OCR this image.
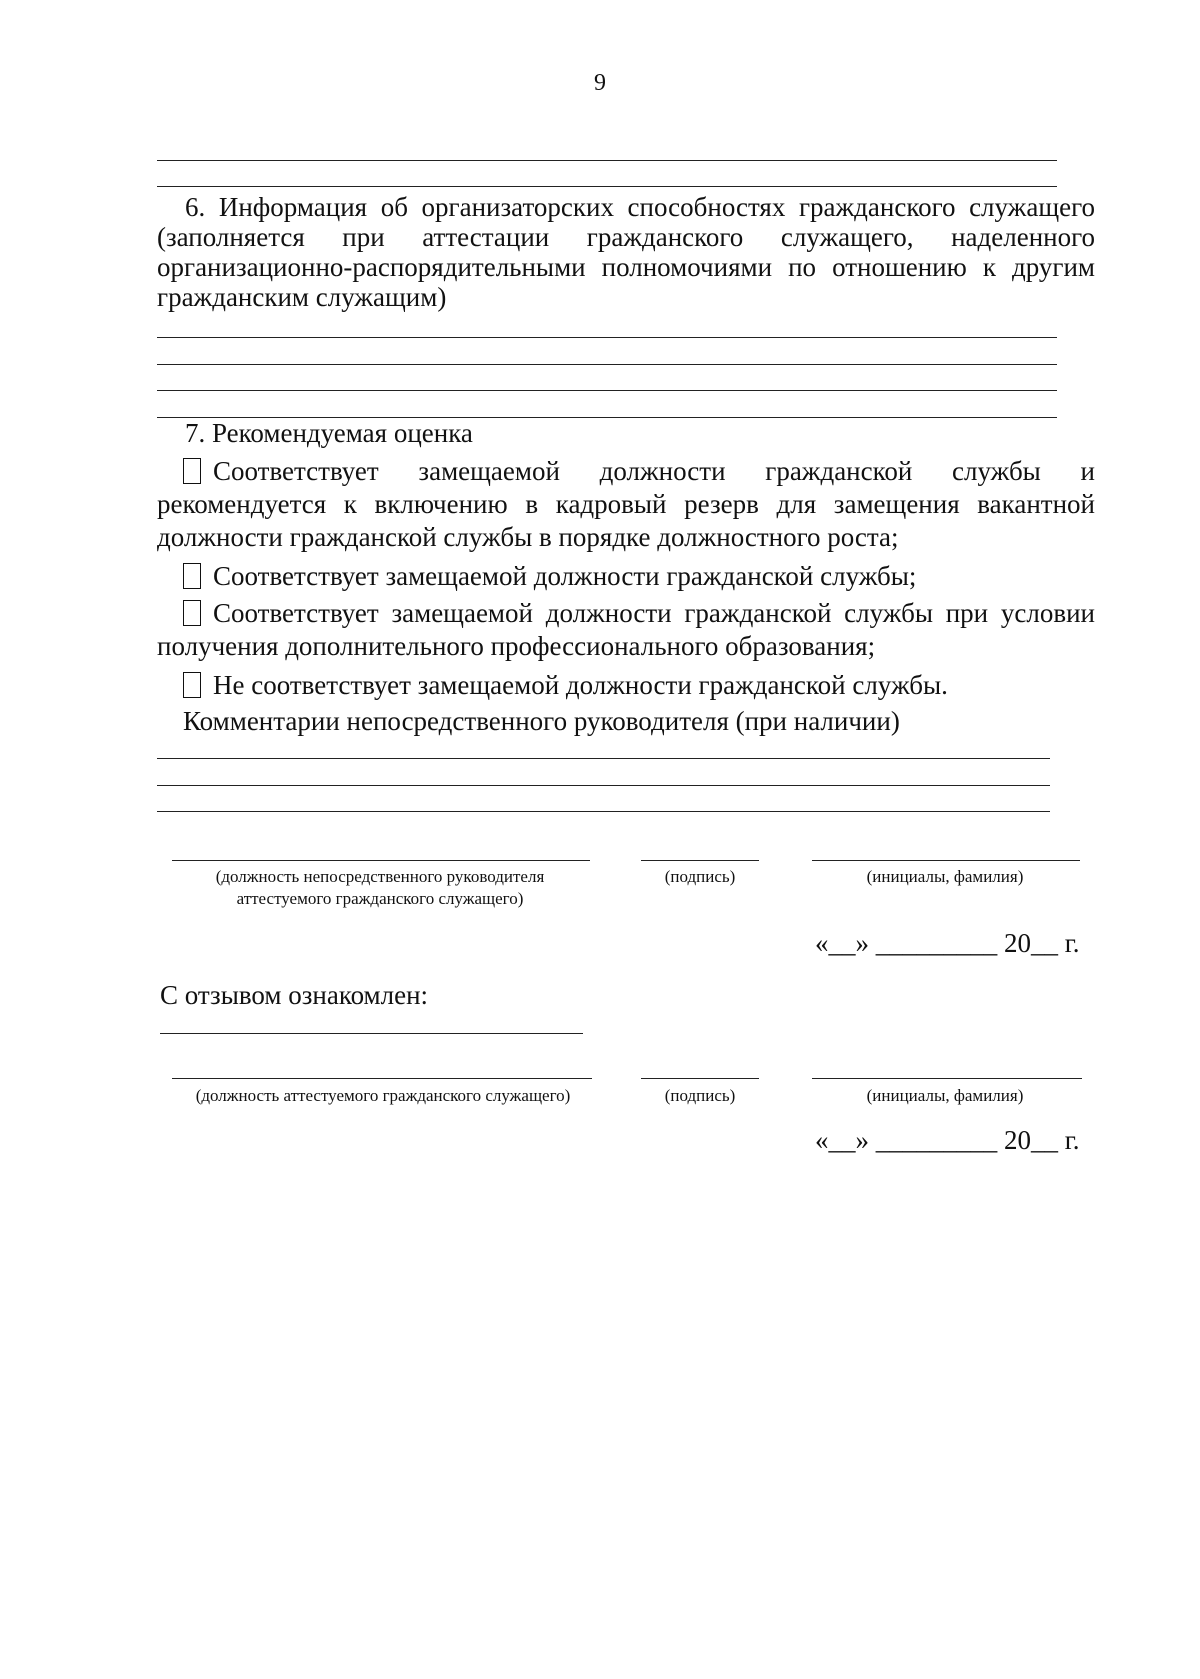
9
6. Информация об организаторских способностях гражданского служащего (заполняется при аттестации гражданского служащего, наделенного организационно-распорядительными полномочиями по отношению к другим гражданским служащим)
7. Рекомендуемая оценка
Соответствует замещаемой должности гражданской службы и рекомендуется к включению в кадровый резерв для замещения вакантной должности гражданской службы в порядке должностного роста;
Соответствует замещаемой должности гражданской службы;
Соответствует замещаемой должности гражданской службы при условии получения дополнительного профессионального образования;
Не соответствует замещаемой должности гражданской службы.
Комментарии непосредственного руководителя (при наличии)
(должность непосредственного руководителя аттестуемого гражданского служащего)
(подпись)	(инициалы, фамилия)
«__» _________ 20__ г.
С отзывом ознакомлен:
(должность аттестуемого гражданского служащего)	(подпись)	(инициалы, фамилия)
«__» _________ 20__ г.
